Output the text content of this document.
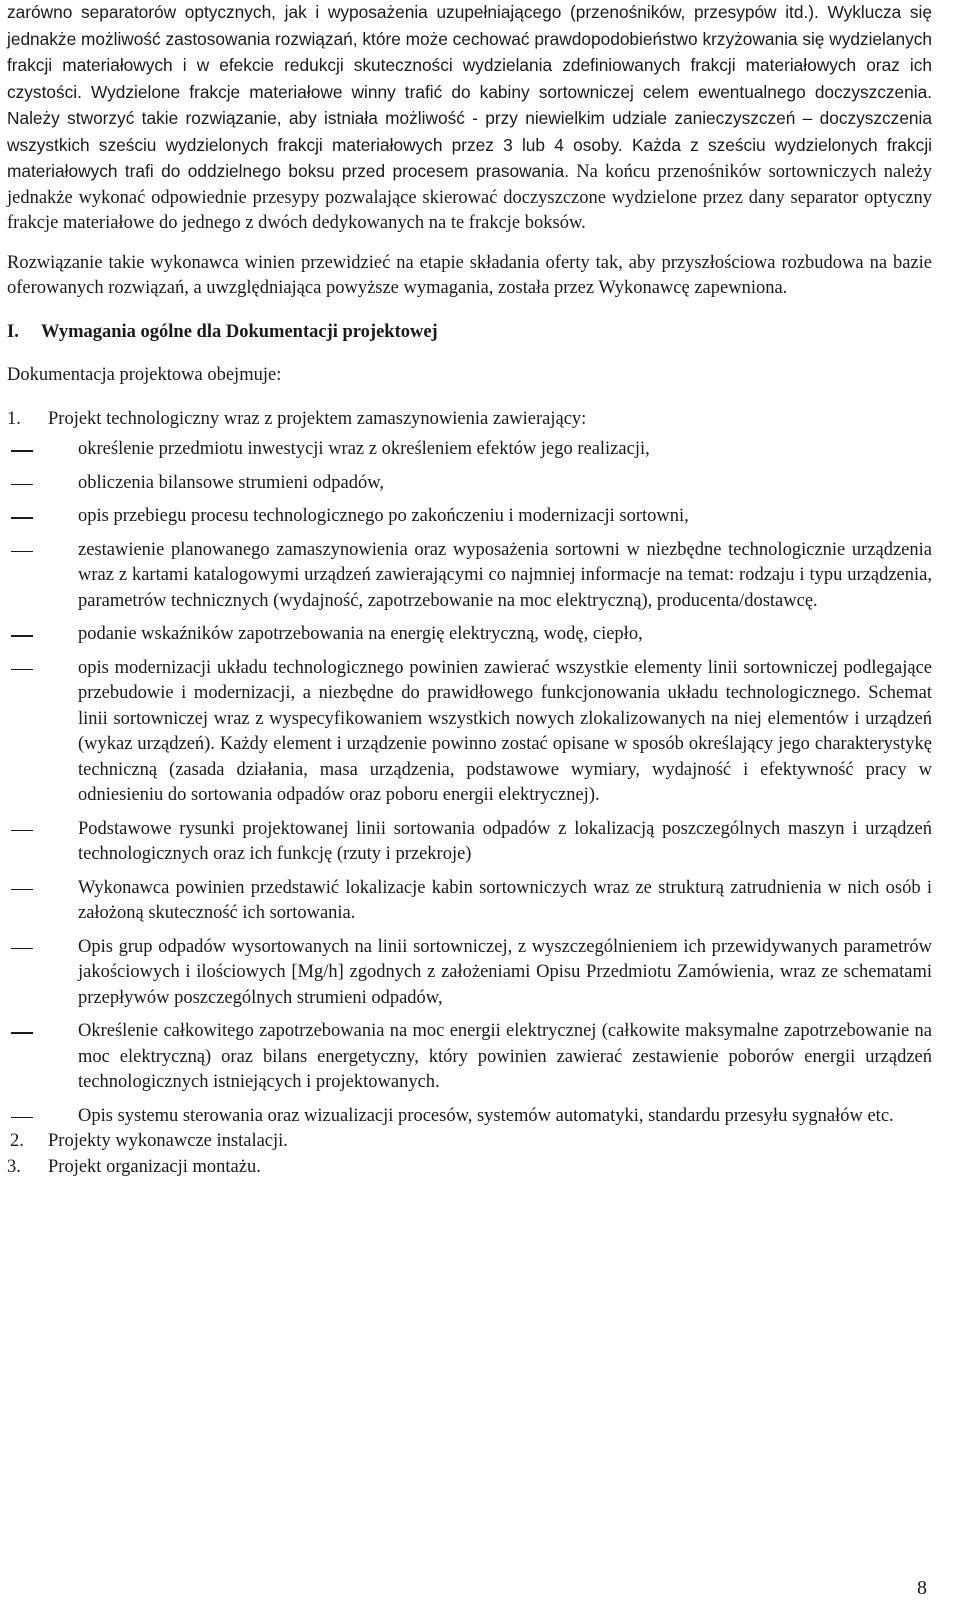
zarówno separatorów optycznych, jak i wyposażenia uzupełniającego (przenośników, przesypów itd.). Wyklucza się jednakże możliwość zastosowania rozwiązań, które może cechować prawdopodobieństwo krzyżowania się wydzielanych frakcji materiałowych i w efekcie redukcji skuteczności wydzielania zdefiniowanych frakcji materiałowych oraz ich czystości. Wydzielone frakcje materiałowe winny trafić do kabiny sortowniczej celem ewentualnego doczyszczenia. Należy stworzyć takie rozwiązanie, aby istniała możliwość - przy niewielkim udziale zanieczyszczeń – doczyszczenia wszystkich sześciu wydzielonych frakcji materiałowych przez 3 lub 4 osoby. Każda z sześciu wydzielonych frakcji materiałowych trafi do oddzielnego boksu przed procesem prasowania. Na końcu przenośników sortowniczych należy jednakże wykonać odpowiednie przesypy pozwalające skierować doczyszczone wydzielone przez dany separator optyczny frakcje materiałowe do jednego z dwóch dedykowanych na te frakcje boksów.

Rozwiązanie takie wykonawca winien przewidzieć na etapie składania oferty tak, aby przyszłościowa rozbudowa na bazie oferowanych rozwiązań, a uwzględniająca powyższe wymagania, została przez Wykonawcę zapewniona.

I.	Wymagania ogólne dla Dokumentacji projektowej

Dokumentacja projektowa obejmuje:

1.	Projekt technologiczny wraz z projektem zamaszynowienia zawierający:
określenie przedmiotu inwestycji wraz z określeniem efektów jego realizacji,
obliczenia bilansowe strumieni odpadów,
opis przebiegu procesu technologicznego po zakończeniu i modernizacji sortowni,
zestawienie planowanego zamaszynowienia oraz wyposażenia sortowni w niezbędne technologicznie urządzenia wraz z kartami katalogowymi urządzeń zawierającymi co najmniej informacje na temat: rodzaju i typu urządzenia, parametrów technicznych (wydajność, zapotrzebowanie na moc elektryczną), producenta/dostawcę.
podanie wskaźników zapotrzebowania na energię elektryczną, wodę, ciepło,
opis modernizacji układu technologicznego powinien zawierać wszystkie elementy linii sortowniczej podlegające przebudowie i modernizacji, a niezbędne do prawidłowego funkcjonowania układu technologicznego. Schemat linii sortowniczej wraz z wyspecyfikowaniem wszystkich nowych zlokalizowanych na niej elementów i urządzeń (wykaz urządzeń). Każdy element i urządzenie powinno zostać opisane w sposób określający jego charakterystykę techniczną (zasada działania, masa urządzenia, podstawowe wymiary, wydajność i efektywność pracy w odniesieniu do sortowania odpadów oraz poboru energii elektrycznej).
Podstawowe rysunki projektowanej linii sortowania odpadów z lokalizacją poszczególnych maszyn i urządzeń technologicznych oraz ich funkcję (rzuty i przekroje)
Wykonawca powinien przedstawić lokalizacje kabin sortowniczych wraz ze strukturą zatrudnienia w nich osób i założoną skuteczność ich sortowania.
Opis grup odpadów wysortowanych na linii sortowniczej, z wyszczególnieniem ich przewidywanych parametrów jakościowych i ilościowych [Mg/h] zgodnych z założeniami Opisu Przedmiotu Zamówienia, wraz ze schematami przepływów poszczególnych strumieni odpadów,
Określenie całkowitego zapotrzebowania na moc energii elektrycznej (całkowite maksymalne zapotrzebowanie na moc elektryczną) oraz bilans energetyczny, który powinien zawierać zestawienie poborów energii urządzeń technologicznych istniejących i projektowanych.
Opis systemu sterowania oraz wizualizacji procesów, systemów automatyki, standardu przesyłu sygnałów etc.
2.	Projekty wykonawcze instalacji.
3.	Projekt organizacji montażu.
8
